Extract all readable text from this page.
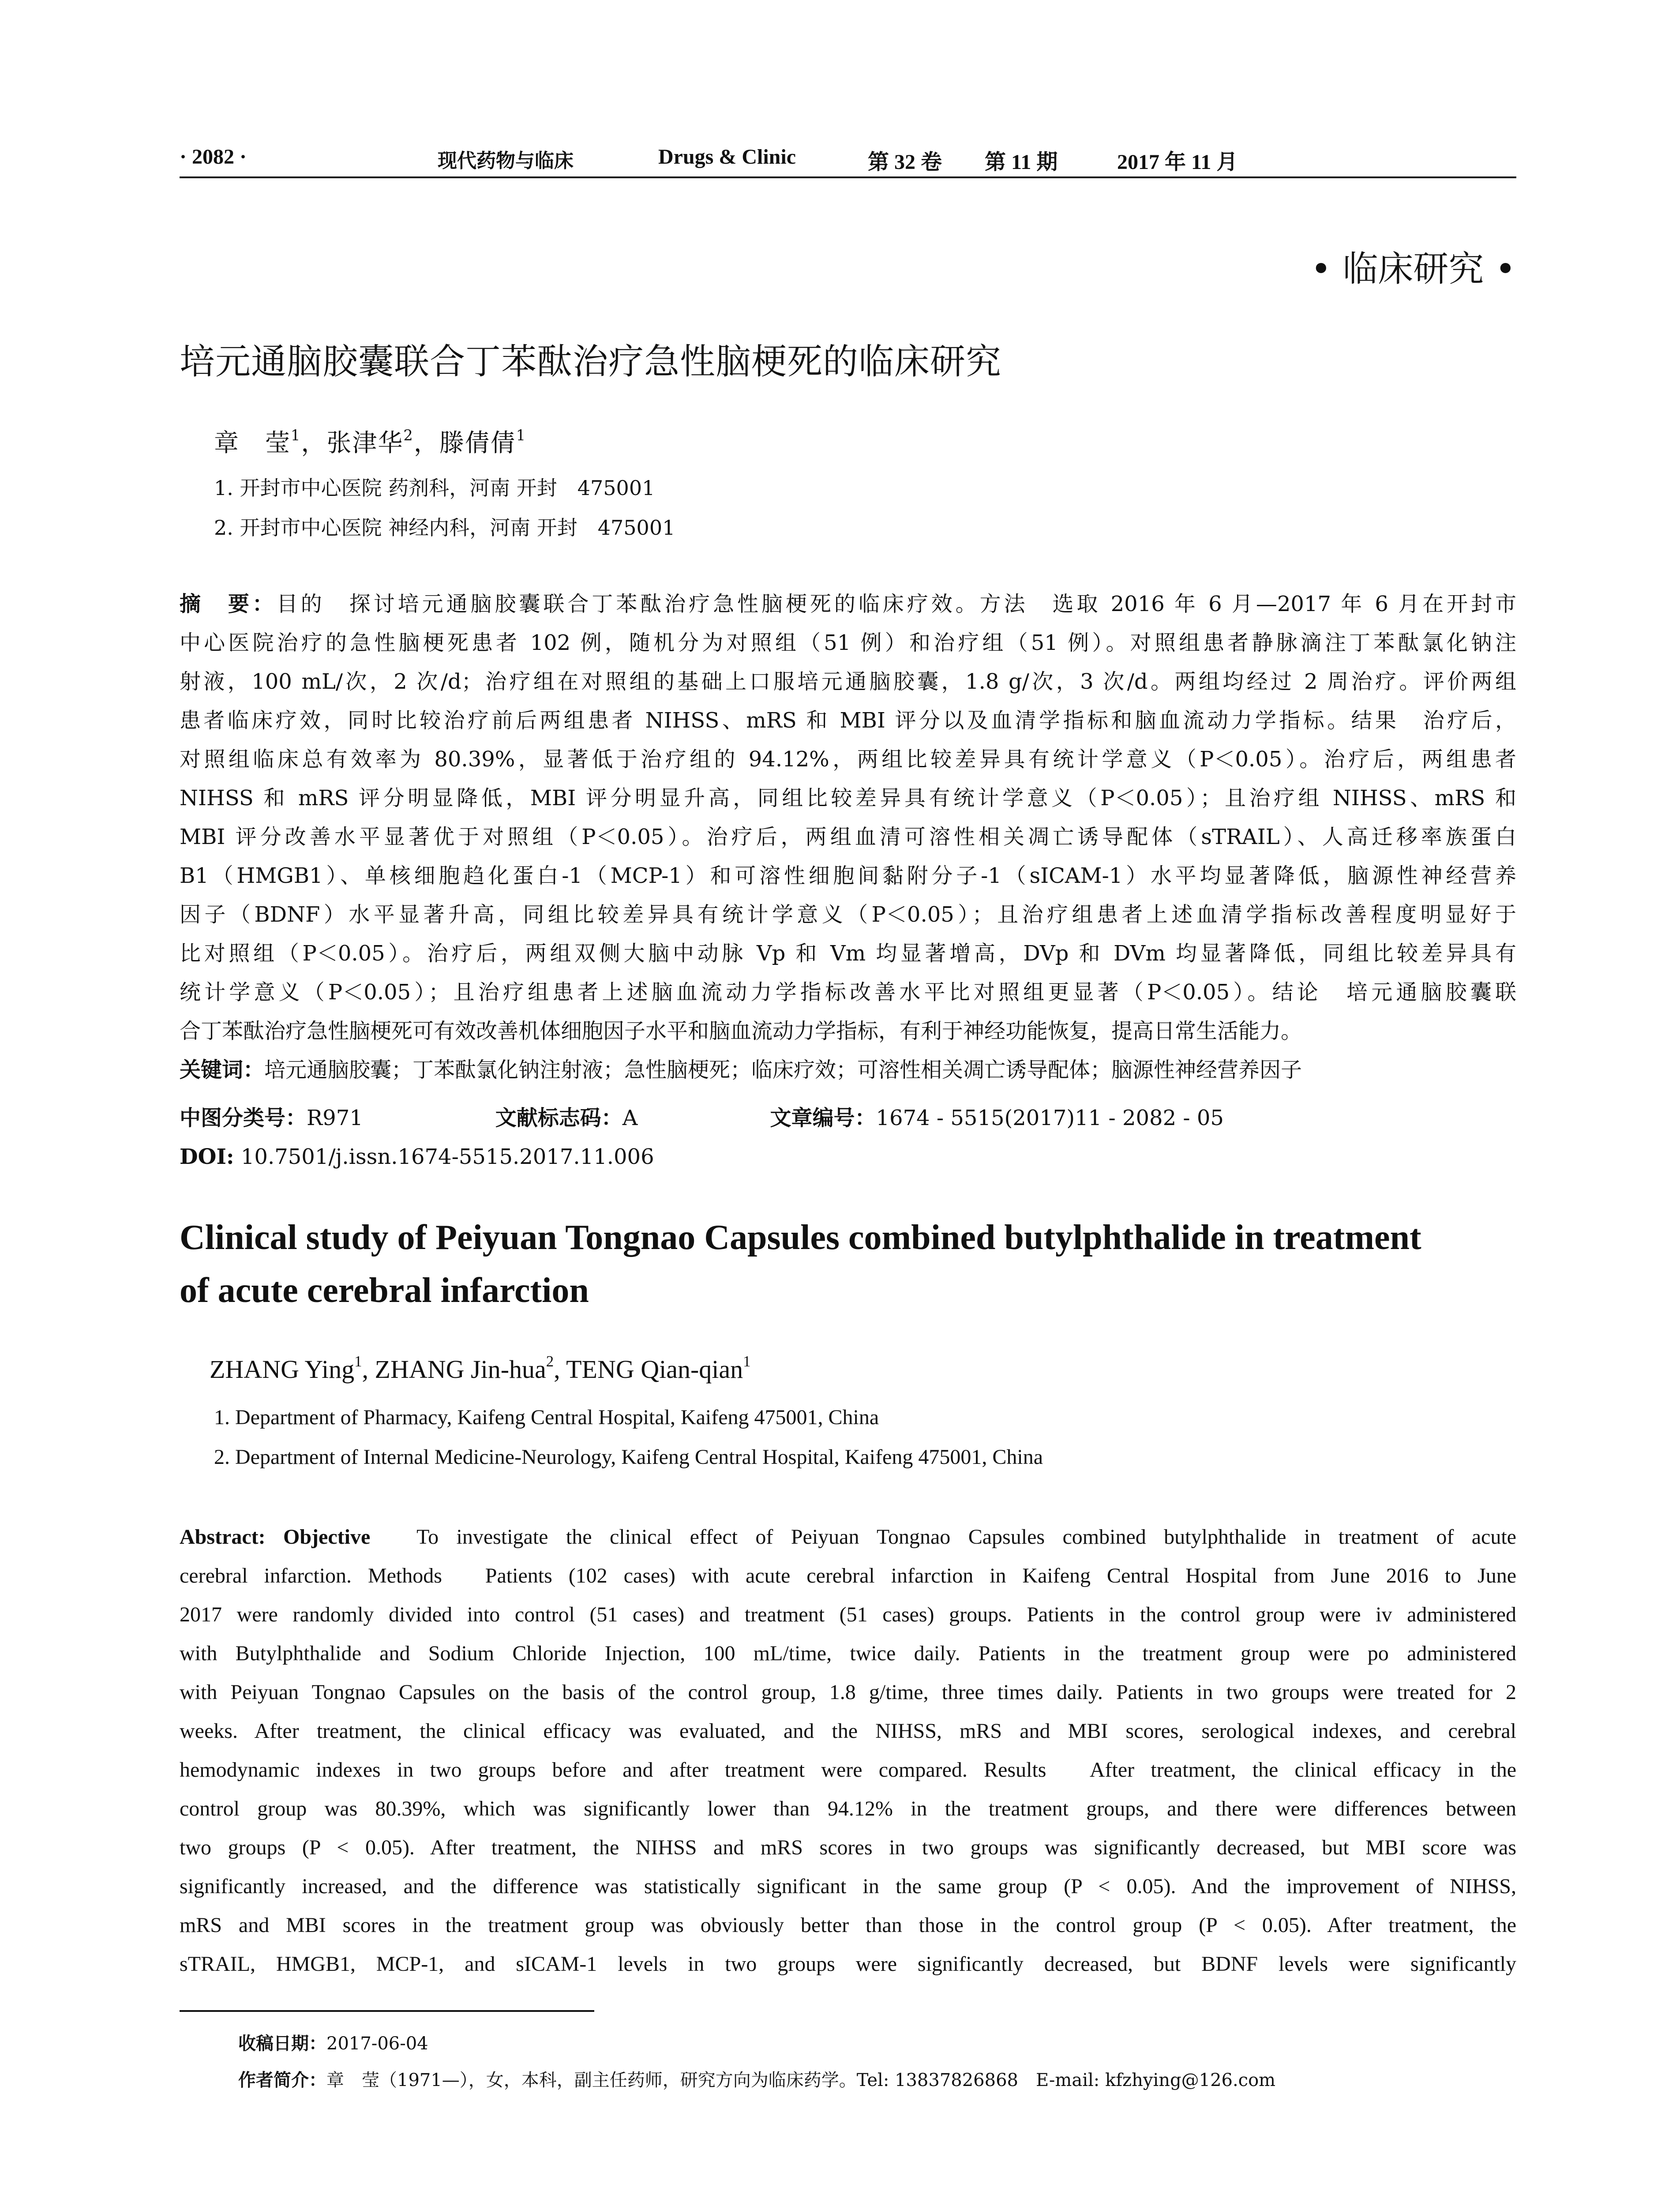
· 2082 ·	现代药物与临床	Drugs & Clinic	第 32 卷 第 11 期	2017 年 11 月
• 临床研究 •
培元通脑胶囊联合丁苯酞治疗急性脑梗死的临床研究
章　莹$^1$，张津华$^2$，滕倩倩$^1$
1. 开封市中心医院 药剂科，河南 开封　475001
2. 开封市中心医院 神经内科，河南 开封　475001
摘　要：目的　探讨培元通脑胶囊联合丁苯酞治疗急性脑梗死的临床疗效。方法　选取 2016 年 6 月—2017 年 6 月在开封市
中心医院治疗的急性脑梗死患者 102 例，随机分为对照组（51 例）和治疗组（51 例）。对照组患者静脉滴注丁苯酞氯化钠注
射液，100 mL/次，2 次/d；治疗组在对照组的基础上口服培元通脑胶囊，1.8 g/次，3 次/d。两组均经过 2 周治疗。评价两组
患者临床疗效，同时比较治疗前后两组患者 NIHSS、mRS 和 MBI 评分以及血清学指标和脑血流动力学指标。结果　治疗后，
对照组临床总有效率为 80.39%，显著低于治疗组的 94.12%，两组比较差异具有统计学意义（P＜0.05）。治疗后，两组患者
NIHSS 和 mRS 评分明显降低，MBI 评分明显升高，同组比较差异具有统计学意义（P＜0.05）；且治疗组 NIHSS、mRS 和
MBI 评分改善水平显著优于对照组（P＜0.05）。治疗后，两组血清可溶性相关凋亡诱导配体（sTRAIL）、人高迁移率族蛋白
B1（HMGB1）、单核细胞趋化蛋白-1（MCP-1）和可溶性细胞间黏附分子-1（sICAM-1）水平均显著降低，脑源性神经营养
因子（BDNF）水平显著升高，同组比较差异具有统计学意义（P＜0.05）；且治疗组患者上述血清学指标改善程度明显好于
比对照组（P＜0.05）。治疗后，两组双侧大脑中动脉 Vp 和 Vm 均显著增高，DVp 和 DVm 均显著降低，同组比较差异具有
统计学意义（P＜0.05）；且治疗组患者上述脑血流动力学指标改善水平比对照组更显著（P＜0.05）。结论　培元通脑胶囊联
合丁苯酞治疗急性脑梗死可有效改善机体细胞因子水平和脑血流动力学指标，有利于神经功能恢复，提高日常生活能力。
关键词：培元通脑胶囊；丁苯酞氯化钠注射液；急性脑梗死；临床疗效；可溶性相关凋亡诱导配体；脑源性神经营养因子
中图分类号：R971	文献标志码：A	文章编号：1674 - 5515(2017)11 - 2082 - 05
DOI: 10.7501/j.issn.1674-5515.2017.11.006
Clinical study of Peiyuan Tongnao Capsules combined butylphthalide in treatment
of acute cerebral infarction
ZHANG Ying$^1$, ZHANG Jin-hua$^2$, TENG Qian-qian$^1$
1. Department of Pharmacy, Kaifeng Central Hospital, Kaifeng 475001, China
2. Department of Internal Medicine-Neurology, Kaifeng Central Hospital, Kaifeng 475001, China
Abstract: Objective　 To investigate the clinical effect of Peiyuan Tongnao Capsules combined butylphthalide in treatment of acute
cerebral infarction. Methods　Patients (102 cases) with acute cerebral infarction in Kaifeng Central Hospital from June 2016 to June
2017 were randomly divided into control (51 cases) and treatment (51 cases) groups. Patients in the control group were iv administered
with Butylphthalide and Sodium Chloride Injection, 100 mL/time, twice daily. Patients in the treatment group were po administered
with Peiyuan Tongnao Capsules on the basis of the control group, 1.8 g/time, three times daily. Patients in two groups were treated for 2
weeks. After treatment, the clinical efficacy was evaluated, and the NIHSS, mRS and MBI scores, serological indexes, and cerebral
hemodynamic indexes in two groups before and after treatment were compared. Results　After treatment, the clinical efficacy in the
control group was 80.39%, which was significantly lower than 94.12% in the treatment groups, and there were differences between
two groups (P < 0.05). After treatment, the NIHSS and mRS scores in two groups was significantly decreased, but MBI score was
significantly increased, and the difference was statistically significant in the same group (P < 0.05). And the improvement of NIHSS,
mRS and MBI scores in the treatment group was obviously better than those in the control group (P < 0.05). After treatment, the
sTRAIL, HMGB1, MCP-1, and sICAM-1 levels in two groups were significantly decreased, but BDNF levels were significantly
收稿日期：2017-06-04
作者简介：章　莹（1971—），女，本科，副主任药师，研究方向为临床药学。Tel: 13837826868　E-mail: kfzhying@126.com
